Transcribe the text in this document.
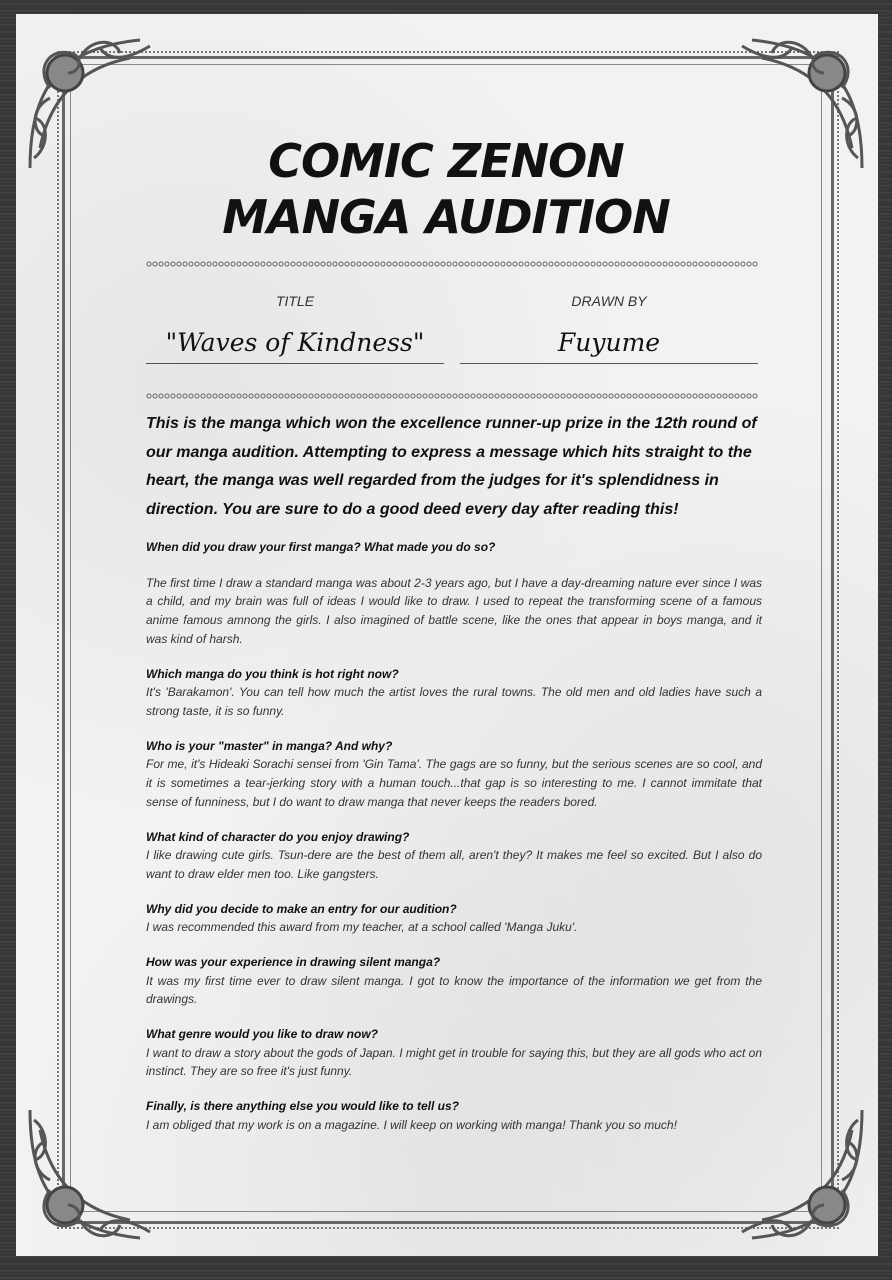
COMIC ZENON
MANGA AUDITION
TITLE	DRAWN BY
"Waves of Kindness"	Fuyume
This is the manga which won the excellence runner-up prize in the 12th round of our manga audition. Attempting to express a message which hits straight to the heart, the manga was well regarded from the judges for it's splendidness in direction. You are sure to do a good deed every day after reading this!
When did you draw your first manga? What made you do so?
The first time I draw a standard manga was about 2-3 years ago, but I have a day-dreaming nature ever since I was a child, and my brain was full of ideas I would like to draw. I used to repeat the transforming scene of a famous anime famous amnong the girls. I also imagined of battle scene, like the ones that appear in boys manga, and it was kind of harsh.
Which manga do you think is hot right now?
It's 'Barakamon'. You can tell how much the artist loves the rural towns. The old men and old ladies have such a strong taste, it is so funny.
Who is your "master" in manga? And why?
For me, it's Hideaki Sorachi sensei from 'Gin Tama'. The gags are so funny, but the serious scenes are so cool, and it is sometimes a tear-jerking story with a human touch...that gap is so interesting to me. I cannot immitate that sense of funniness, but I do want to draw manga that never keeps the readers bored.
What kind of character do you enjoy drawing?
I like drawing cute girls. Tsun-dere are the best of them all, aren't they? It makes me feel so excited. But I also do want to draw elder men too. Like gangsters.
Why did you decide to make an entry for our audition?
I was recommended this award from my teacher, at a school called 'Manga Juku'.
How was your experience in drawing silent manga?
It was my first time ever to draw silent manga. I got to know the importance of the information we get from the drawings.
What genre would you like to draw now?
I want to draw a story about the gods of Japan. I might get in trouble for saying this, but they are all gods who act on instinct. They are so free it's just funny.
Finally, is there anything else you would like to tell us?
I am obliged that my work is on a magazine. I will keep on working with manga! Thank you so much!
